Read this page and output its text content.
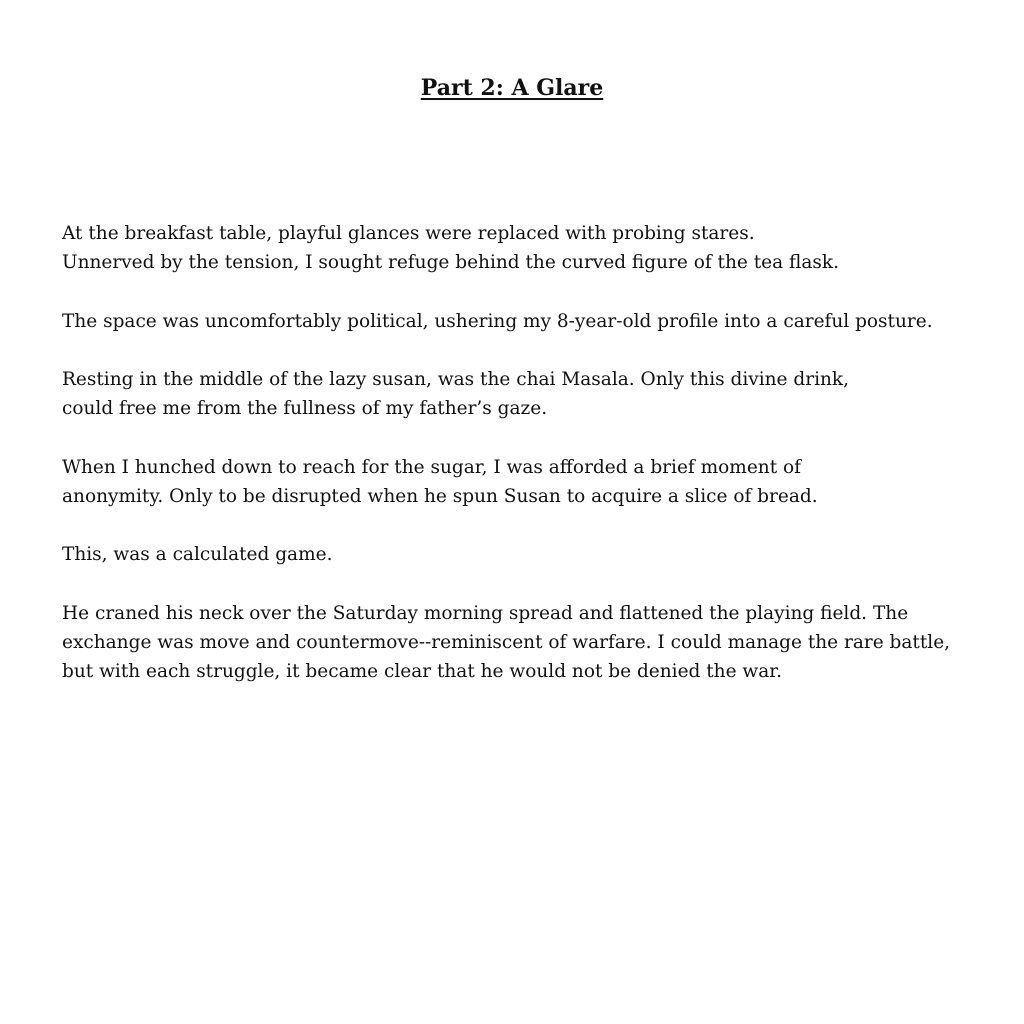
Part 2: A Glare

At the breakfast table, playful glances were replaced with probing stares.
Unnerved by the tension, I sought refuge behind the curved figure of the tea flask.

The space was uncomfortably political, ushering my 8-year-old profile into a careful posture.

Resting in the middle of the lazy susan, was the chai Masala. Only this divine drink,
could free me from the fullness of my father’s gaze.

When I hunched down to reach for the sugar, I was afforded a brief moment of
anonymity. Only to be disrupted when he spun Susan to acquire a slice of bread.

This, was a calculated game.

He craned his neck over the Saturday morning spread and flattened the playing field. The
exchange was move and countermove--reminiscent of warfare. I could manage the rare battle,
but with each struggle, it became clear that he would not be denied the war.
